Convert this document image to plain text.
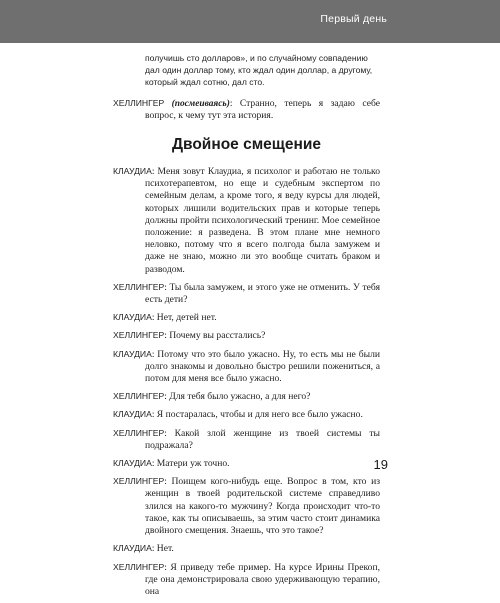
Первый день

получишь сто долларов», и по случайному совпадению дал один доллар тому, кто ждал один доллар, а другому, который ждал сотню, дал сто.

ХЕЛЛИНГЕР (посмеиваясь): Странно, теперь я задаю себе вопрос, к чему тут эта история.

Двойное смещение

КЛАУДИА: Меня зовут Клаудиа, я психолог и работаю не только психотерапевтом, но еще и судебным экспертом по семейным делам, а кроме того, я веду курсы для людей, которых лишили водительских прав и которые теперь должны пройти психологический тренинг. Мое семейное положение: я разведена. В этом плане мне немного неловко, потому что я всего полгода была замужем и даже не знаю, можно ли это вообще считать браком и разводом.

ХЕЛЛИНГЕР: Ты была замужем, и этого уже не отменить. У тебя есть дети?

КЛАУДИА: Нет, детей нет.

ХЕЛЛИНГЕР: Почему вы расстались?

КЛАУДИА: Потому что это было ужасно. Ну, то есть мы не были долго знакомы и довольно быстро решили пожениться, а потом для меня все было ужасно.

ХЕЛЛИНГЕР: Для тебя было ужасно, а для него?

КЛАУДИА: Я постаралась, чтобы и для него все было ужасно.

ХЕЛЛИНГЕР: Какой злой женщине из твоей системы ты подражала?

КЛАУДИА: Матери уж точно.

ХЕЛЛИНГЕР: Поищем кого-нибудь еще. Вопрос в том, кто из женщин в твоей родительской системе справедливо злился на какого-то мужчину? Когда происходит что-то такое, как ты описываешь, за этим часто стоит динамика двойного смещения. Знаешь, что это такое?

КЛАУДИА: Нет.

ХЕЛЛИНГЕР: Я приведу тебе пример. На курсе Ирины Прекоп, где она демонстрировала свою удерживающую терапию, она

19
